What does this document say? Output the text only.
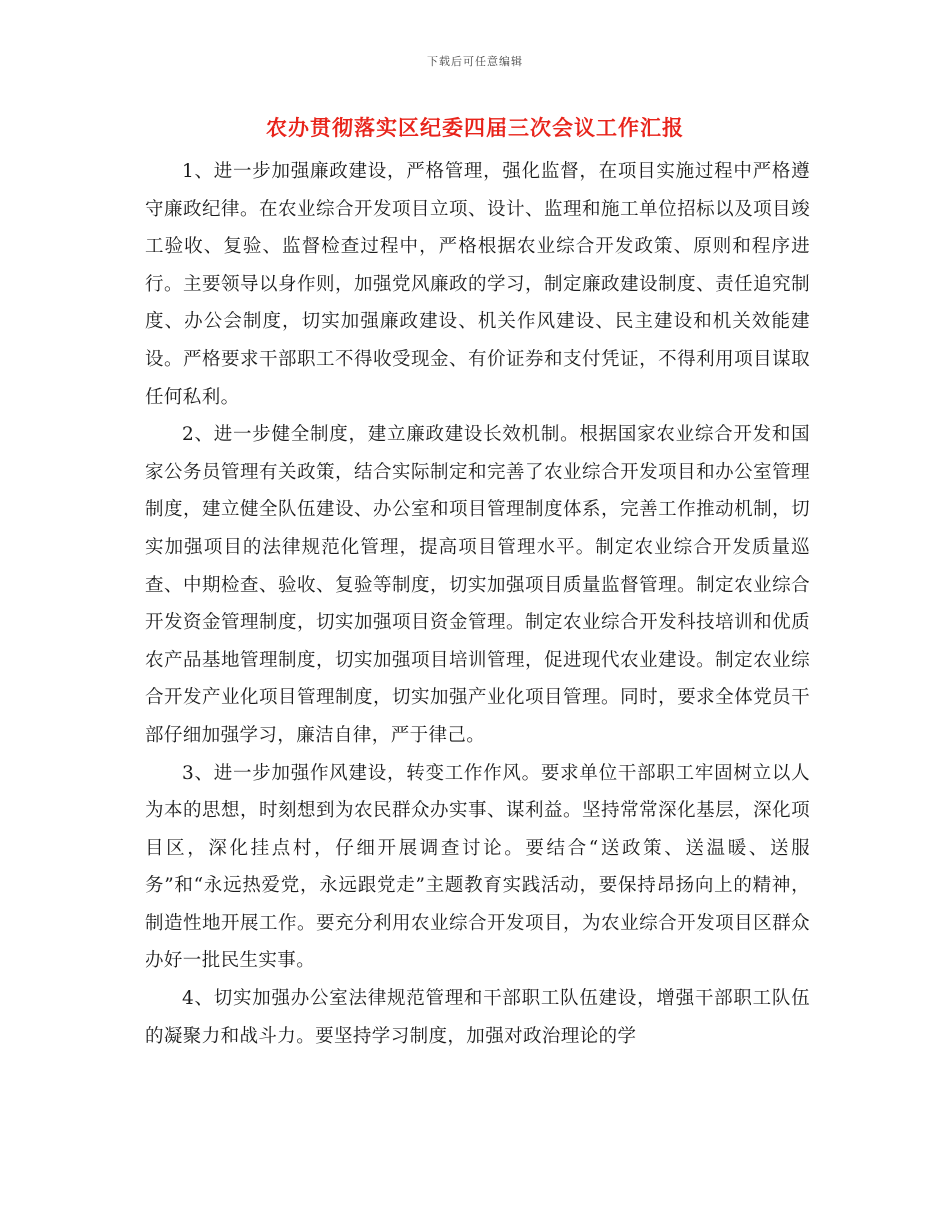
下载后可任意编辑
农办贯彻落实区纪委四届三次会议工作汇报

1、进一步加强廉政建设，严格管理，强化监督，在项目实施过程中严格遵守廉政纪律。在农业综合开发项目立项、设计、监理和施工单位招标以及项目竣工验收、复验、监督检查过程中，严格根据农业综合开发政策、原则和程序进行。主要领导以身作则，加强党风廉政的学习，制定廉政建设制度、责任追究制度、办公会制度，切实加强廉政建设、机关作风建设、民主建设和机关效能建设。严格要求干部职工不得收受现金、有价证券和支付凭证，不得利用项目谋取任何私利。

2、进一步健全制度，建立廉政建设长效机制。根据国家农业综合开发和国家公务员管理有关政策，结合实际制定和完善了农业综合开发项目和办公室管理制度，建立健全队伍建设、办公室和项目管理制度体系，完善工作推动机制，切实加强项目的法律规范化管理，提高项目管理水平。制定农业综合开发质量巡查、中期检查、验收、复验等制度，切实加强项目质量监督管理。制定农业综合开发资金管理制度，切实加强项目资金管理。制定农业综合开发科技培训和优质农产品基地管理制度，切实加强项目培训管理，促进现代农业建设。制定农业综合开发产业化项目管理制度，切实加强产业化项目管理。同时，要求全体党员干部仔细加强学习，廉洁自律，严于律己。

3、进一步加强作风建设，转变工作作风。要求单位干部职工牢固树立以人为本的思想，时刻想到为农民群众办实事、谋利益。坚持常常深化基层，深化项目区，深化挂点村，仔细开展调查讨论。要结合“送政策、送温暖、送服务”和“永远热爱党，永远跟党走”主题教育实践活动，要保持昂扬向上的精神，制造性地开展工作。要充分利用农业综合开发项目，为农业综合开发项目区群众办好一批民生实事。

4、切实加强办公室法律规范管理和干部职工队伍建设，增强干部职工队伍的凝聚力和战斗力。要坚持学习制度，加强对政治理论的学
